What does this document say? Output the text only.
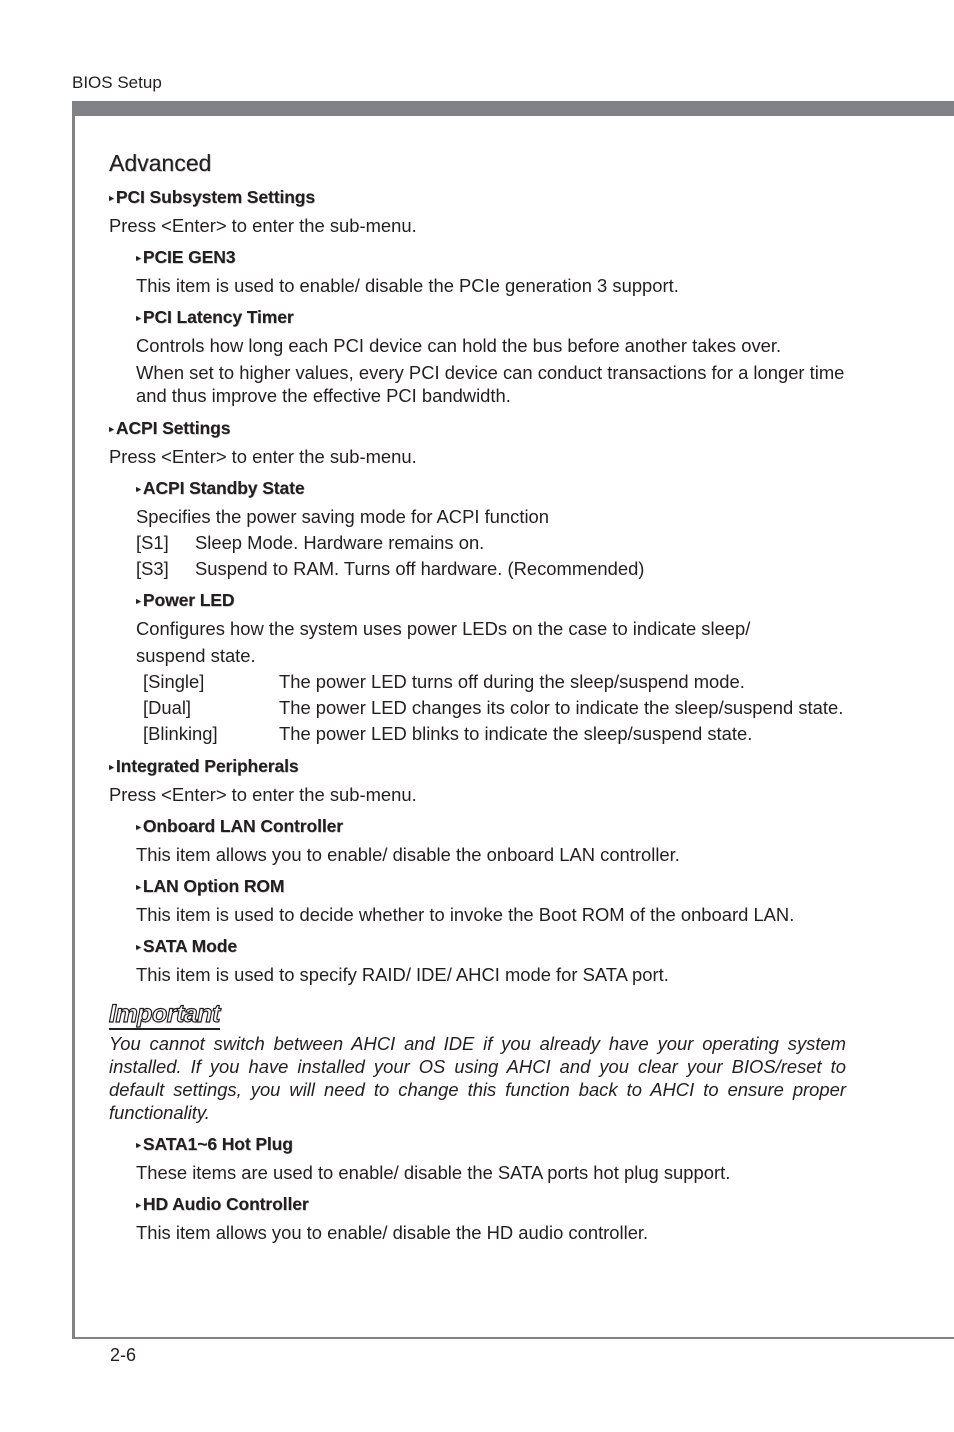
BIOS Setup
2-6
Advanced
▸ PCI Subsystem Settings
Press <Enter> to enter the sub-menu.
▸ PCIE GEN3
This item is used to enable/ disable the PCIe generation 3 support.
▸ PCI Latency Timer
Controls how long each PCI device can hold the bus before another takes over.
When set to higher values, every PCI device can conduct transactions for a longer time and thus improve the effective PCI bandwidth.
▸ ACPI Settings
Press <Enter> to enter the sub-menu.
▸ ACPI Standby State
Specifies the power saving mode for ACPI function
[S1]	Sleep Mode. Hardware remains on.
[S3]	Suspend to RAM. Turns off hardware. (Recommended)
▸ Power LED
Configures how the system uses power LEDs on the case to indicate sleep/
suspend state.
[Single]	The power LED turns off during the sleep/suspend mode.
[Dual]	The power LED changes its color to indicate the sleep/suspend state.
[Blinking]	The power LED blinks to indicate the sleep/suspend state.
▸ Integrated Peripherals
Press <Enter> to enter the sub-menu.
▸ Onboard LAN Controller
This item allows you to enable/ disable the onboard LAN controller.
▸ LAN Option ROM
This item is used to decide whether to invoke the Boot ROM of the onboard LAN.
▸ SATA Mode
This item is used to specify RAID/ IDE/ AHCI mode for SATA port.
Important
You cannot switch between AHCI and IDE if you already have your operating system installed. If you have installed your OS using AHCI and you clear your BIOS/reset to default settings, you will need to change this function back to AHCI to ensure proper functionality.
▸ SATA1~6 Hot Plug
These items are used to enable/ disable the SATA ports hot plug support.
▸ HD Audio Controller
This item allows you to enable/ disable the HD audio controller.
